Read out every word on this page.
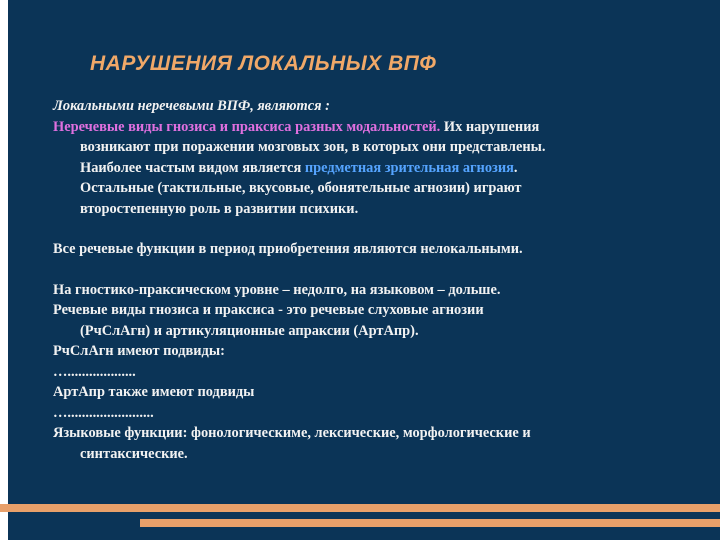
НАРУШЕНИЯ ЛОКАЛЬНЫХ ВПФ
Локальными неречевыми ВПФ, являются :
Неречевые виды гнозиса и праксиса разных модальностей. Их нарушения
возникают при поражении мозговых зон, в которых они представлены.
Наиболее частым видом является предметная зрительная агнозия.
Остальные (тактильные, вкусовые, обонятельные агнозии) играют
второстепенную роль в развитии психики.
Все речевые функции в период приобретения являются нелокальными.
На гностико-праксическом уровне – недолго, на языковом – дольше.
Речевые виды гнозиса и праксиса - это речевые слуховые агнозии
(РчСлАгн) и артикуляционные апраксии (АртАпр).
РчСлАгн имеют подвиды:
…...................
АртАпр также имеют подвиды
…........................
Языковые функции: фонологическиме, лексические, морфологические и
синтаксические.
